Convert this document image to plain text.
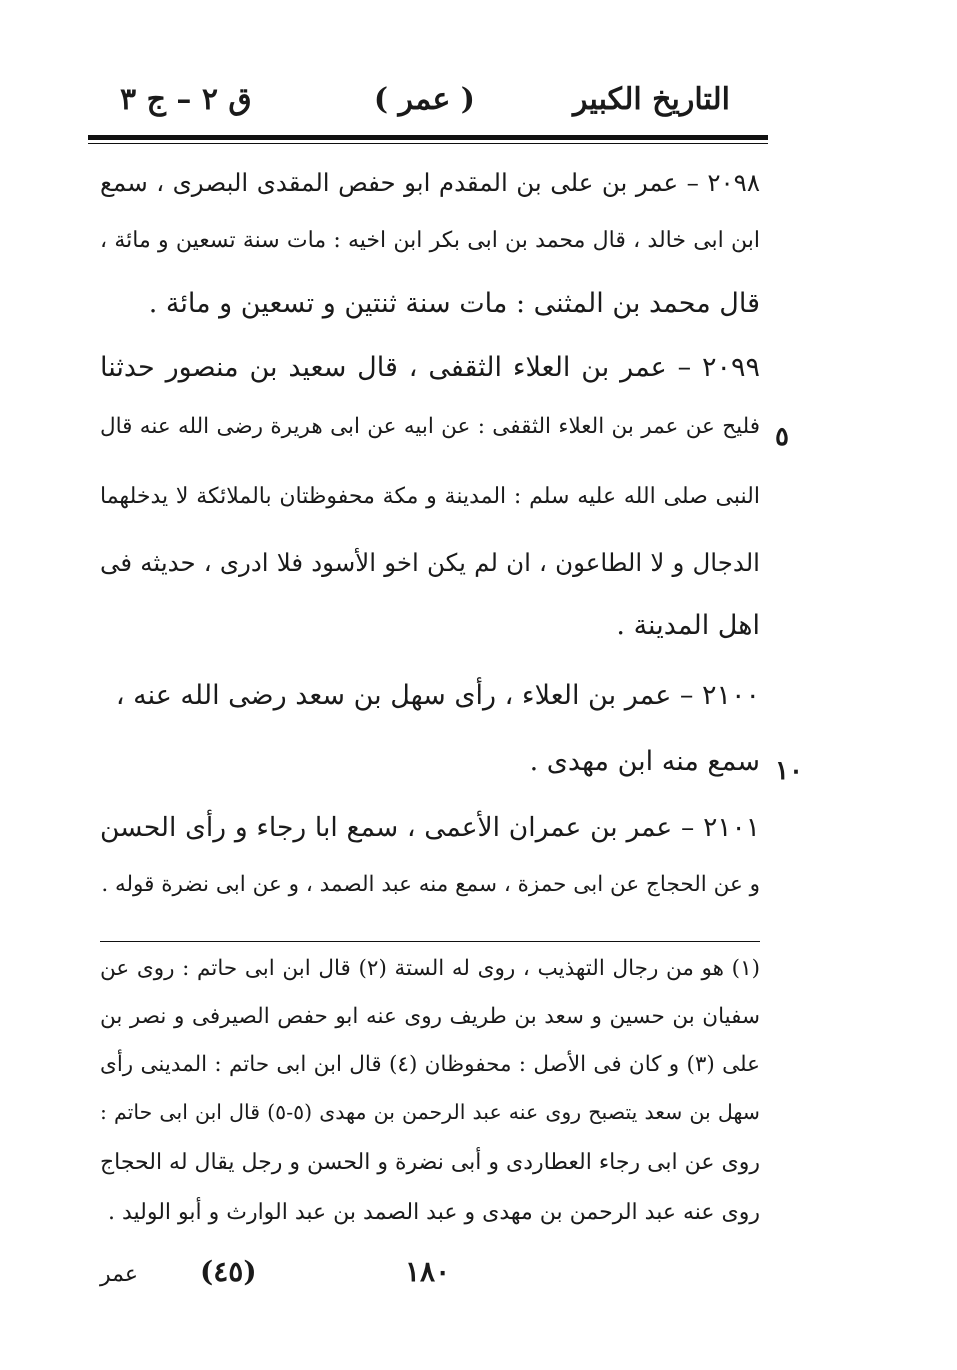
التاريخ الكبير
( عمر )
ق ٢ – ج ٣
٢٠٩٨ – عمر بن على بن المقدم ابو حفص المقدى البصرى ، سمع
ابن ابى خالد ، قال محمد بن ابى بكر ابن اخيه : مات سنة تسعين و مائة ،
قال محمد بن المثنى : مات سنة ثنتين و تسعين و مائة .
٢٠٩٩ – عمر بن العلاء الثقفى ، قال سعيد بن منصور حدثنا
فليح عن عمر بن العلاء الثقفى : عن ابيه عن ابى هريرة رضى الله عنه قال
النبى صلى الله عليه سلم : المدينة و مكة محفوظتان بالملائكة لا يدخلهما
الدجال و لا الطاعون ، ان لم يكن اخو الأسود فلا ادرى ، حديثه فى
اهل المدينة .
٢١٠٠ – عمر بن العلاء ، رأى سهل بن سعد رضى الله عنه ،
سمع منه ابن مهدى .
٢١٠١ – عمر بن عمران الأعمى ، سمع ابا رجاء و رأى الحسن
و عن الحجاج عن ابى حمزة ، سمع منه عبد الصمد ، و عن ابى نضرة قوله .
٥
١٠
(١) هو من رجال التهذيب ، روى له الستة (٢) قال ابن ابى حاتم : روى عن
سفيان بن حسين و سعد بن طريف روى عنه ابو حفص الصيرفى و نصر بن
على (٣) و كان فى الأصل : محفوظان (٤) قال ابن ابى حاتم : المدينى رأى
سهل بن سعد يتصبح روى عنه عبد الرحمن بن مهدى (٥-٥) قال ابن ابى حاتم :
روى عن ابى رجاء العطاردى و أبى نضرة و الحسن و رجل يقال له الحجاج
روى عنه عبد الرحمن بن مهدى و عبد الصمد بن عبد الوارث و أبو الوليد .
١٨٠
(٤٥)
عمر
